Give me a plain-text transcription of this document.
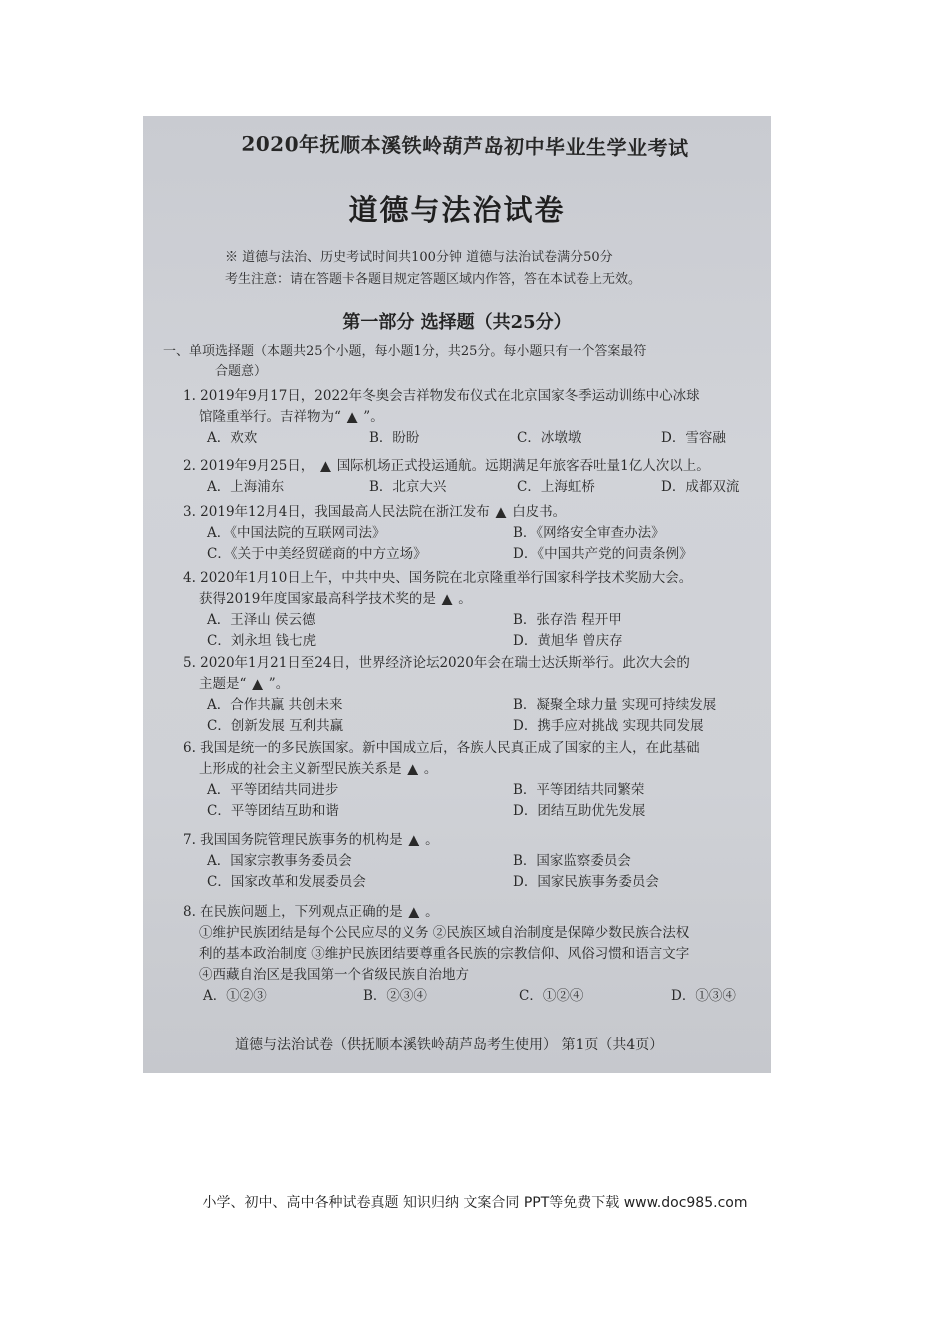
2020年抚顺本溪铁岭葫芦岛初中毕业生学业考试
道德与法治试卷
※ 道德与法治、历史考试时间共100分钟 道德与法治试卷满分50分
考生注意：请在答题卡各题目规定答题区域内作答，答在本试卷上无效。
第一部分 选择题（共25分）
一、单项选择题（本题共25个小题，每小题1分，共25分。每小题只有一个答案最符
合题意）
1. 2019年9月17日，2022年冬奥会吉祥物发布仪式在北京国家冬季运动训练中心冰球
馆隆重举行。吉祥物为“ ▲ ”。
A．欢欢	B．盼盼	C．冰墩墩	D．雪容融
2. 2019年9月25日， ▲ 国际机场正式投运通航。远期满足年旅客吞吐量1亿人次以上。
A．上海浦东	B．北京大兴	C．上海虹桥	D．成都双流
3. 2019年12月4日，我国最高人民法院在浙江发布 ▲ 白皮书。
A．《中国法院的互联网司法》	B．《网络安全审查办法》
C．《关于中美经贸磋商的中方立场》	D．《中国共产党的问责条例》
4. 2020年1月10日上午，中共中央、国务院在北京隆重举行国家科学技术奖励大会。
获得2019年度国家最高科学技术奖的是 ▲ 。
A．王泽山 侯云德	B．张存浩 程开甲
C．刘永坦 钱七虎	D．黄旭华 曾庆存
5. 2020年1月21日至24日，世界经济论坛2020年会在瑞士达沃斯举行。此次大会的
主题是“ ▲ ”。
A．合作共赢 共创未来	B．凝聚全球力量 实现可持续发展
C．创新发展 互利共赢	D．携手应对挑战 实现共同发展
6. 我国是统一的多民族国家。新中国成立后，各族人民真正成了国家的主人，在此基础
上形成的社会主义新型民族关系是 ▲ 。
A．平等团结共同进步	B．平等团结共同繁荣
C．平等团结互助和谐	D．团结互助优先发展
7. 我国国务院管理民族事务的机构是 ▲ 。
A．国家宗教事务委员会	B．国家监察委员会
C．国家改革和发展委员会	D．国家民族事务委员会
8. 在民族问题上，下列观点正确的是 ▲ 。
①维护民族团结是每个公民应尽的义务 ②民族区域自治制度是保障少数民族合法权
利的基本政治制度 ③维护民族团结要尊重各民族的宗教信仰、风俗习惯和语言文字
④西藏自治区是我国第一个省级民族自治地方
A．①②③	B．②③④	C．①②④	D．①③④
道德与法治试卷（供抚顺本溪铁岭葫芦岛考生使用） 第1页（共4页）
小学、初中、高中各种试卷真题 知识归纳 文案合同 PPT等免费下载 www.doc985.com
